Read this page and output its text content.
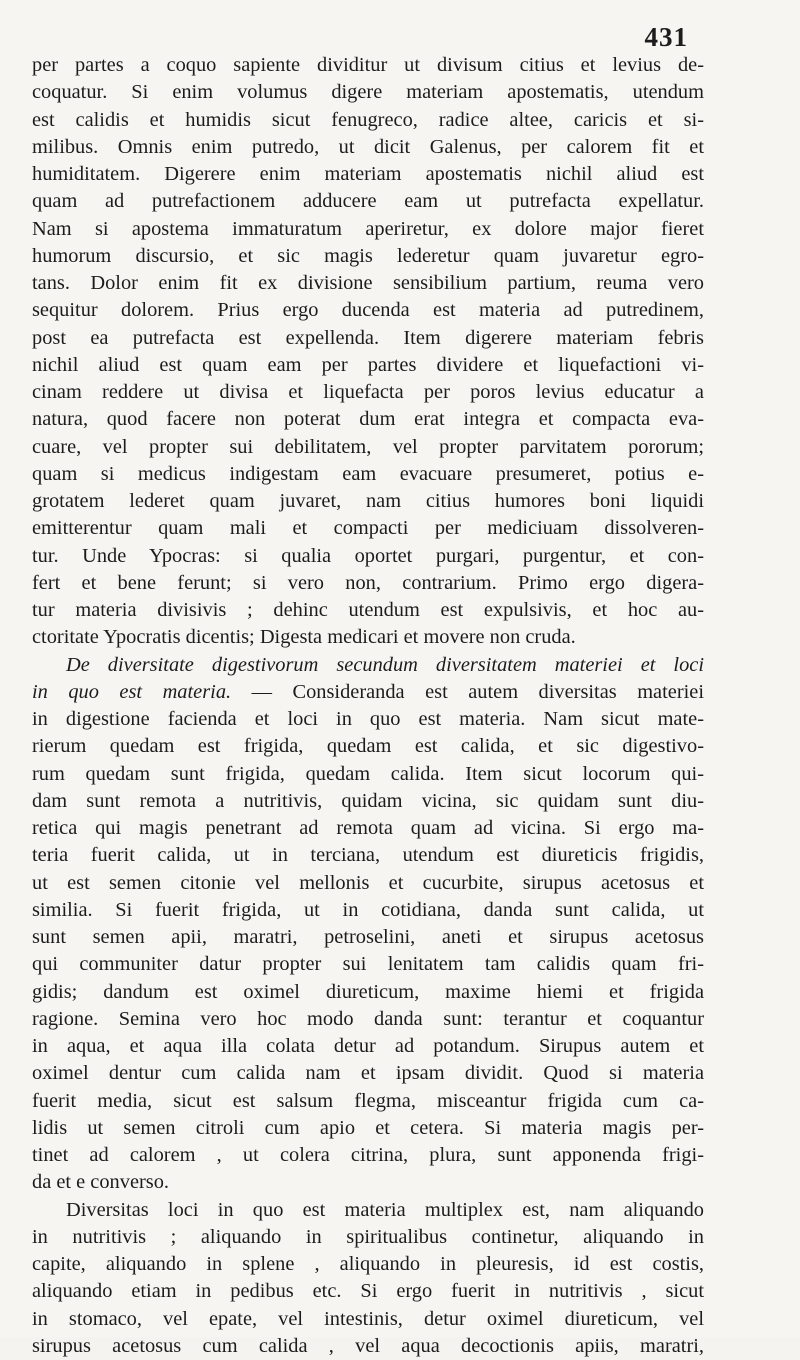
431

per partes a coquo sapiente dividitur ut divisum citius et levius de-
coquatur. Si enim volumus digere materiam apostematis, utendum
est calidis et humidis sicut fenugreco, radice altee, caricis et si-
milibus. Omnis enim putredo, ut dicit Galenus, per calorem fit et
humiditatem. Digerere enim materiam apostematis nichil aliud est
quam ad putrefactionem adducere eam ut putrefacta expellatur.
Nam si apostema immaturatum aperiretur, ex dolore major fieret
humorum discursio, et sic magis lederetur quam juvaretur egro-
tans. Dolor enim fit ex divisione sensibilium partium, reuma vero
sequitur dolorem. Prius ergo ducenda est materia ad putredinem,
post ea putrefacta est expellenda. Item digerere materiam febris
nichil aliud est quam eam per partes dividere et liquefactioni vi-
cinam reddere ut divisa et liquefacta per poros levius educatur a
natura, quod facere non poterat dum erat integra et compacta eva-
cuare, vel propter sui debilitatem, vel propter parvitatem pororum;
quam si medicus indigestam eam evacuare presumeret, potius e-
grotatem lederet quam juvaret, nam citius humores boni liquidi
emitterentur quam mali et compacti per mediciuam dissolveren-
tur. Unde Ypocras: si qualia oportet purgari, purgentur, et con-
fert et bene ferunt; si vero non, contrarium. Primo ergo digera-
tur materia divisivis ; dehinc utendum est expulsivis, et hoc au-
ctoritate Ypocratis dicentis; Digesta medicari et movere non cruda.

De diversitate digestivorum secundum diversitatem materiei et loci
in quo est materia. — Consideranda est autem diversitas materiei
in digestione facienda et loci in quo est materia. Nam sicut mate-
rierum quedam est frigida, quedam est calida, et sic digestivo-
rum quedam sunt frigida, quedam calida. Item sicut locorum qui-
dam sunt remota a nutritivis, quidam vicina, sic quidam sunt diu-
retica qui magis penetrant ad remota quam ad vicina. Si ergo ma-
teria fuerit calida, ut in terciana, utendum est diureticis frigidis,
ut est semen citonie vel mellonis et cucurbite, sirupus acetosus et
similia. Si fuerit frigida, ut in cotidiana, danda sunt calida, ut
sunt semen apii, maratri, petroselini, aneti et sirupus acetosus
qui communiter datur propter sui lenitatem tam calidis quam fri-
gidis; dandum est oximel diureticum, maxime hiemi et frigida
ragione. Semina vero hoc modo danda sunt: terantur et coquantur
in aqua, et aqua illa colata detur ad potandum. Sirupus autem et
oximel dentur cum calida nam et ipsam dividit. Quod si materia
fuerit media, sicut est salsum flegma, misceantur frigida cum ca-
lidis ut semen citroli cum apio et cetera. Si materia magis per-
tinet ad calorem , ut colera citrina, plura, sunt apponenda frigi-
da et e converso.

Diversitas loci in quo est materia multiplex est, nam aliquando
in nutritivis ; aliquando in spiritualibus continetur, aliquando in
capite, aliquando in splene , aliquando in pleuresis, id est costis,
aliquando etiam in pedibus etc. Si ergo fuerit in nutritivis , sicut
in stomaco, vel epate, vel intestinis, detur oximel diureticum, vel
sirupus acetosus cum calida , vel aqua decoctionis apiis, maratri,
